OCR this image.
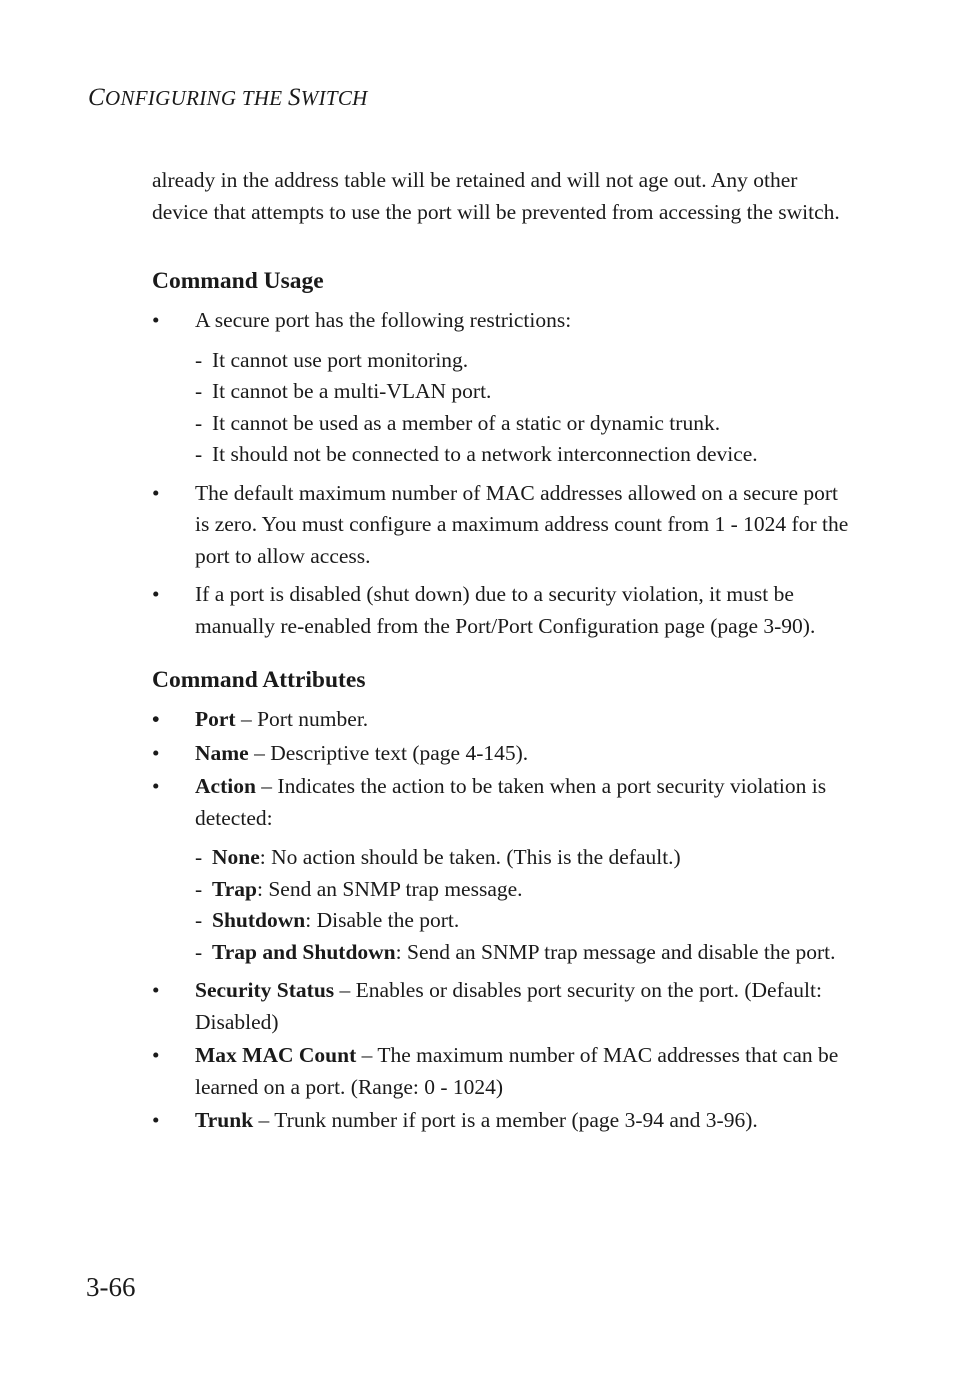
CONFIGURING THE SWITCH

already in the address table will be retained and will not age out. Any other device that attempts to use the port will be prevented from accessing the switch.

Command Usage
•	A secure port has the following restrictions:
- It cannot use port monitoring.
- It cannot be a multi-VLAN port.
- It cannot be used as a member of a static or dynamic trunk.
- It should not be connected to a network interconnection device.
•	The default maximum number of MAC addresses allowed on a secure port is zero. You must configure a maximum address count from 1 - 1024 for the port to allow access.
•	If a port is disabled (shut down) due to a security violation, it must be manually re-enabled from the Port/Port Configuration page (page 3-90).
Command Attributes
•	Port – Port number.
•	Name – Descriptive text (page 4-145).
•	Action – Indicates the action to be taken when a port security violation is detected:
- None: No action should be taken. (This is the default.)
- Trap: Send an SNMP trap message.
- Shutdown: Disable the port.
- Trap and Shutdown: Send an SNMP trap message and disable the port.
•	Security Status – Enables or disables port security on the port. (Default: Disabled)
•	Max MAC Count – The maximum number of MAC addresses that can be learned on a port. (Range: 0 - 1024)
•	Trunk – Trunk number if port is a member (page 3-94 and 3-96).
3-66
